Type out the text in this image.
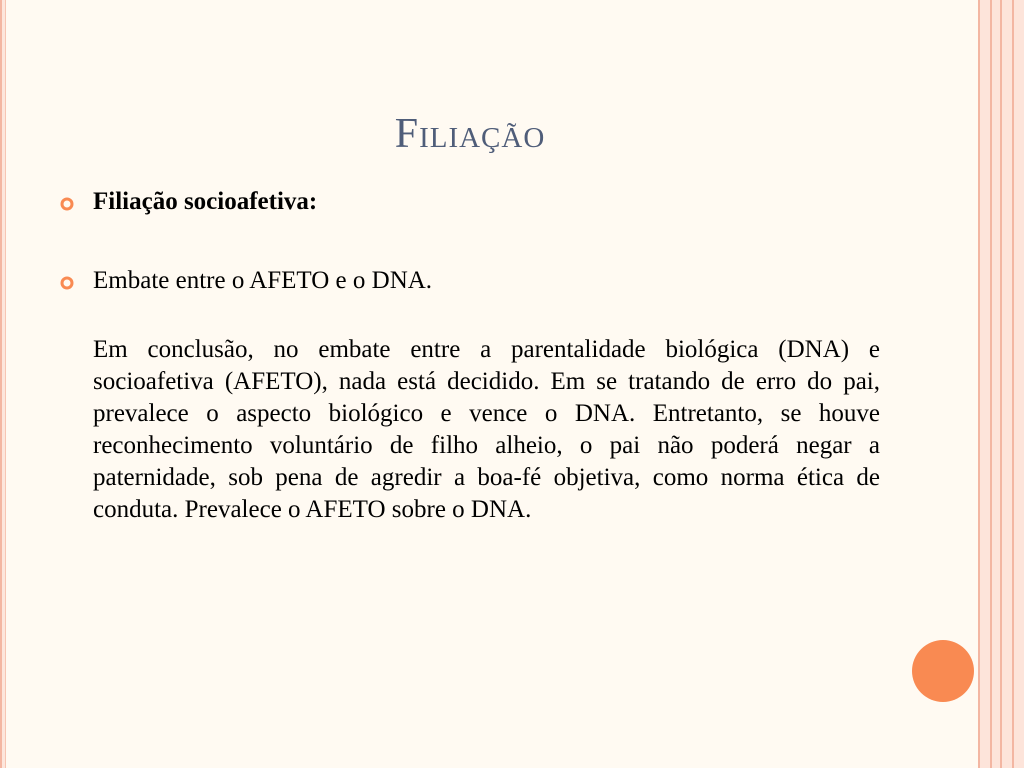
Filiação
Filiação socioafetiva:
Embate entre o AFETO e o DNA.
Em conclusão, no embate entre a parentalidade biológica (DNA) e socioafetiva (AFETO), nada está decidido. Em se tratando de erro do pai, prevalece o aspecto biológico e vence o DNA. Entretanto, se houve reconhecimento voluntário de filho alheio, o pai não poderá negar a paternidade, sob pena de agredir a boa-fé objetiva, como norma ética de conduta. Prevalece o AFETO sobre o DNA.
